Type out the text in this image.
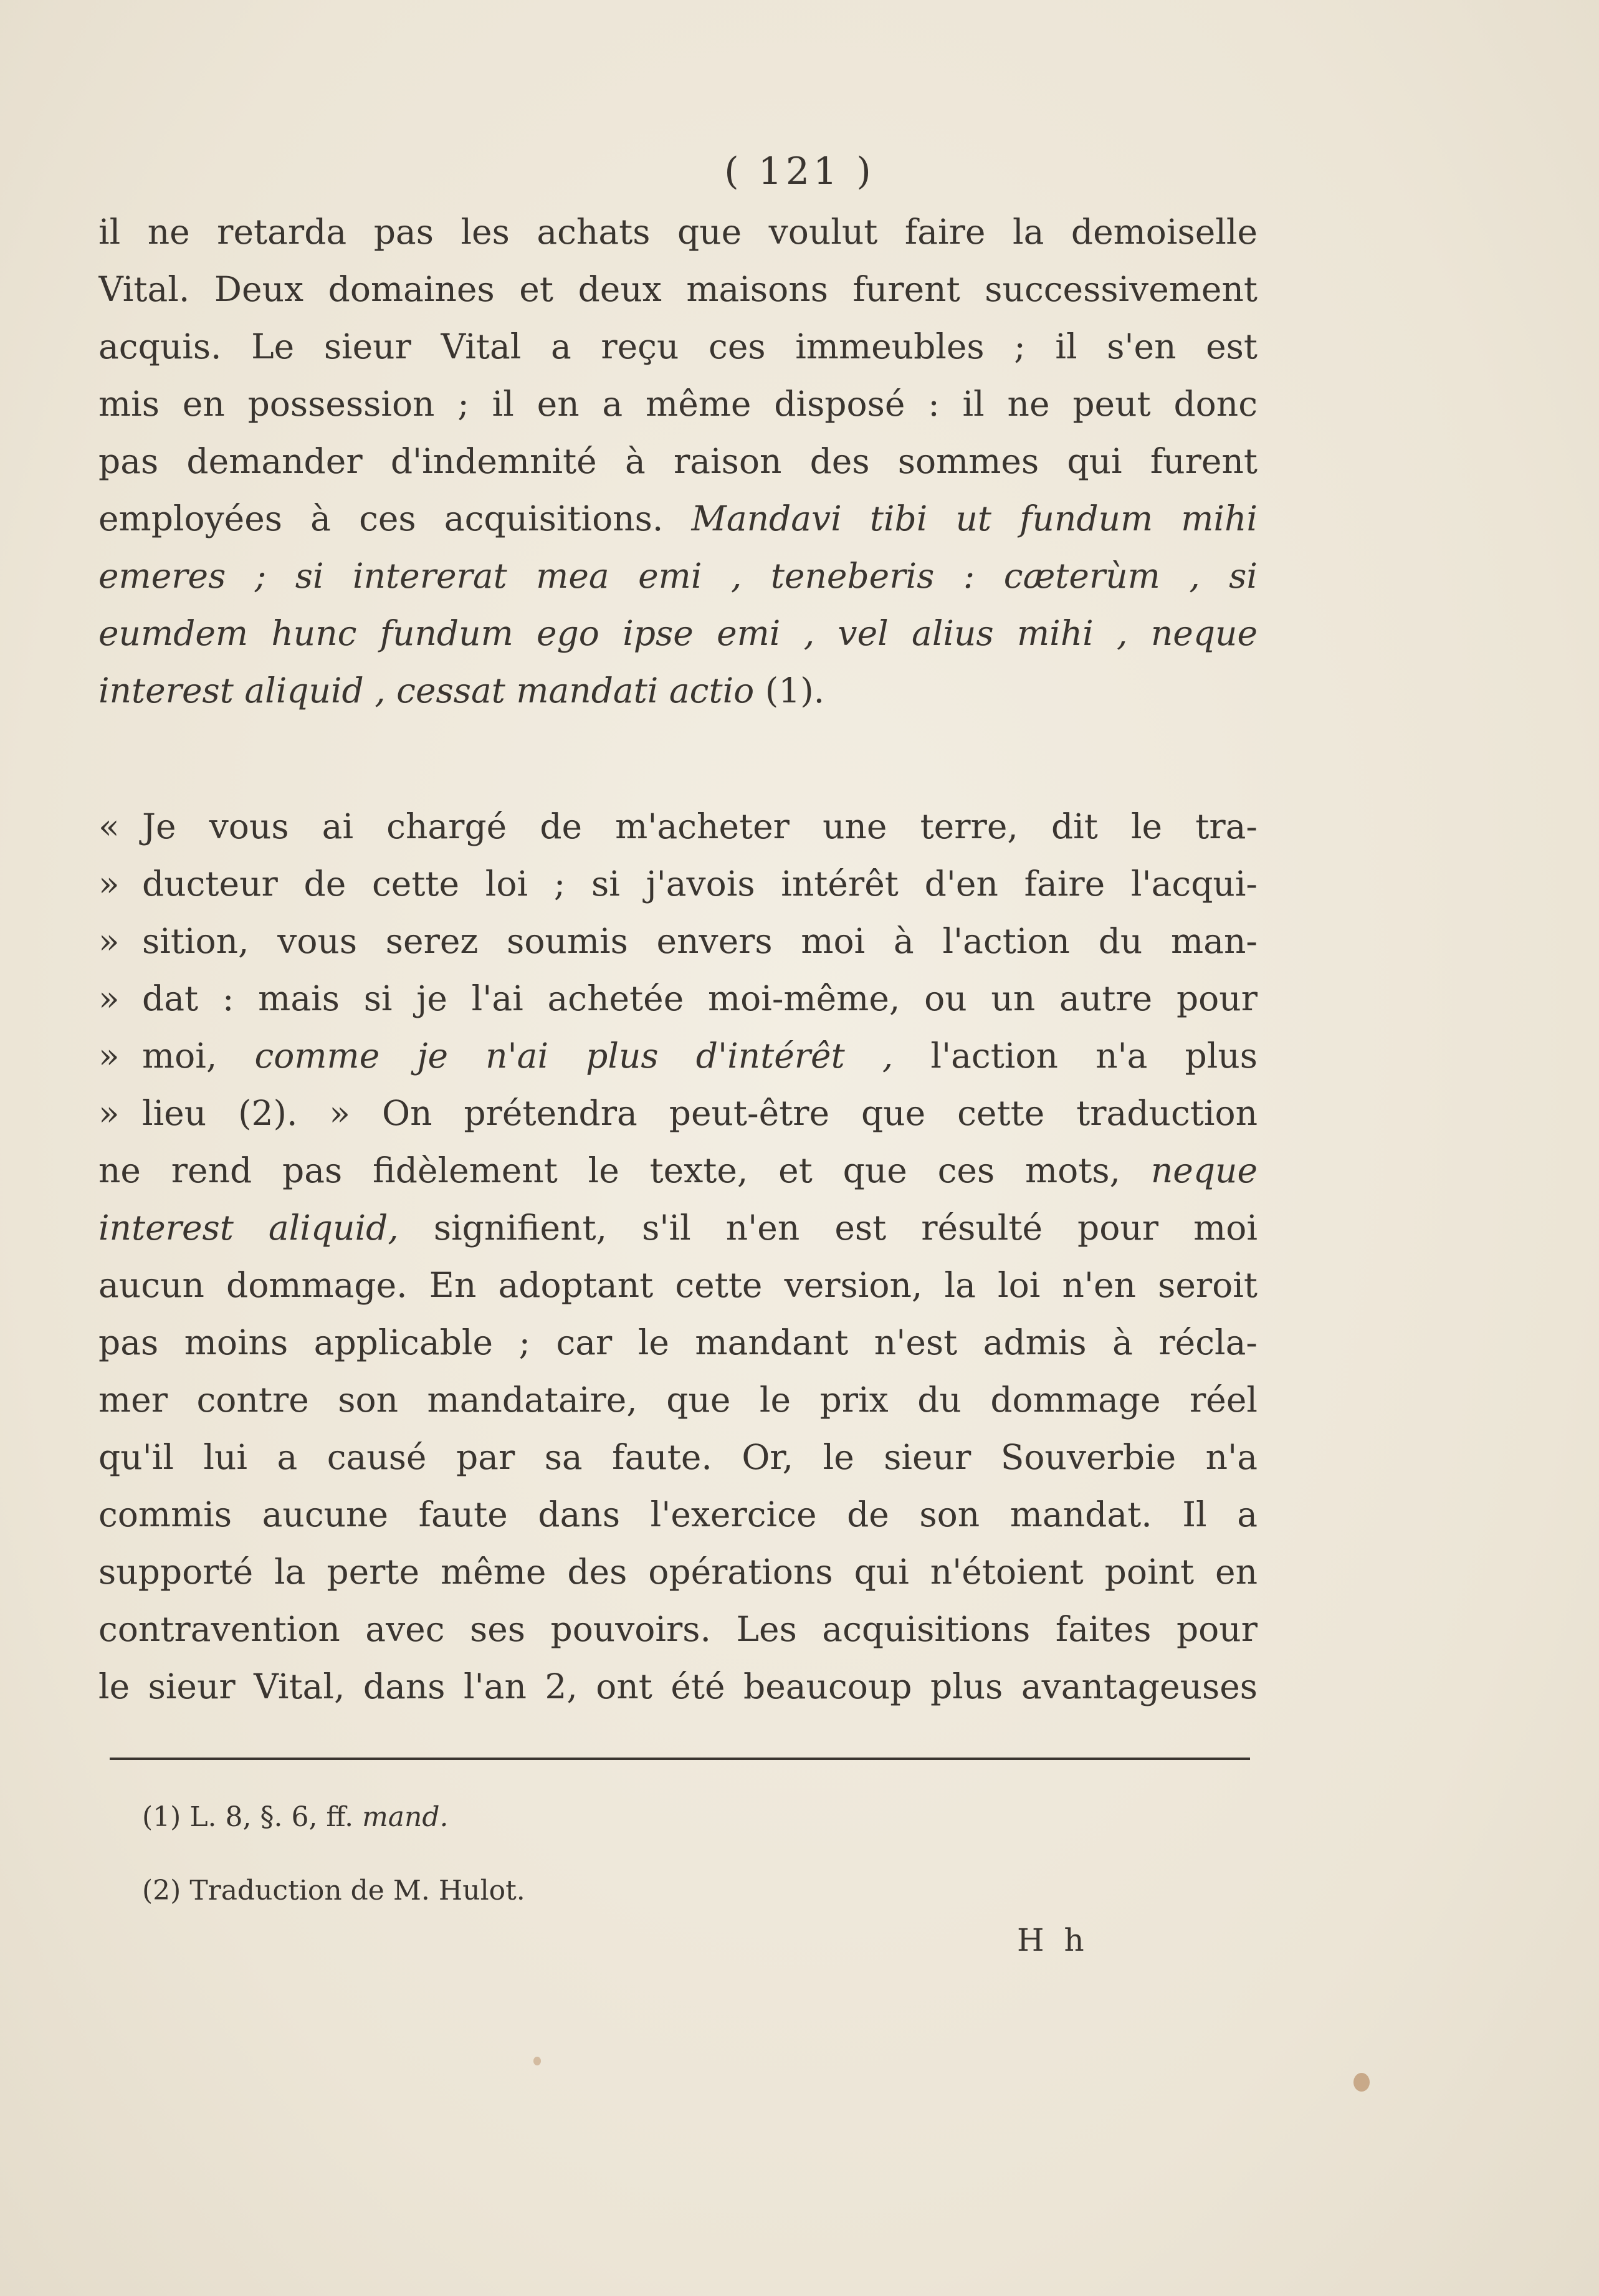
( 121 )
il ne retarda pas les achats que voulut faire la demoiselle
Vital. Deux domaines et deux maisons furent successivement
acquis. Le sieur Vital a reçu ces immeubles ; il s'en est
mis en possession ; il en a même disposé : il ne peut donc
pas demander d'indemnité à raison des sommes qui furent
employées à ces acquisitions. Mandavi tibi ut fundum mihi
emeres ; si intererat mea emi , teneberis : cæterùm , si
eumdem hunc fundum ego ipse emi , vel alius mihi , neque
interest aliquid , cessat mandati actio (1).
« Je vous ai chargé de m'acheter une terre, dit le tra-
» ducteur de cette loi ; si j'avois intérêt d'en faire l'acqui-
» sition, vous serez soumis envers moi à l'action du man-
» dat : mais si je l'ai achetée moi-même, ou un autre pour
» moi, comme je n'ai plus d'intérêt , l'action n'a plus
» lieu (2). » On prétendra peut-être que cette traduction
ne rend pas fidèlement le texte, et que ces mots, neque
interest aliquid, signifient, s'il n'en est résulté pour moi
aucun dommage. En adoptant cette version, la loi n'en seroit
pas moins applicable ; car le mandant n'est admis à récla-
mer contre son mandataire, que le prix du dommage réel
qu'il lui a causé par sa faute. Or, le sieur Souverbie n'a
commis aucune faute dans l'exercice de son mandat. Il a
supporté la perte même des opérations qui n'étoient point en
contravention avec ses pouvoirs. Les acquisitions faites pour
le sieur Vital, dans l'an 2, ont été beaucoup plus avantageuses
(1) L. 8, §. 6, ff. mand.
(2) Traduction de M. Hulot.
H h
